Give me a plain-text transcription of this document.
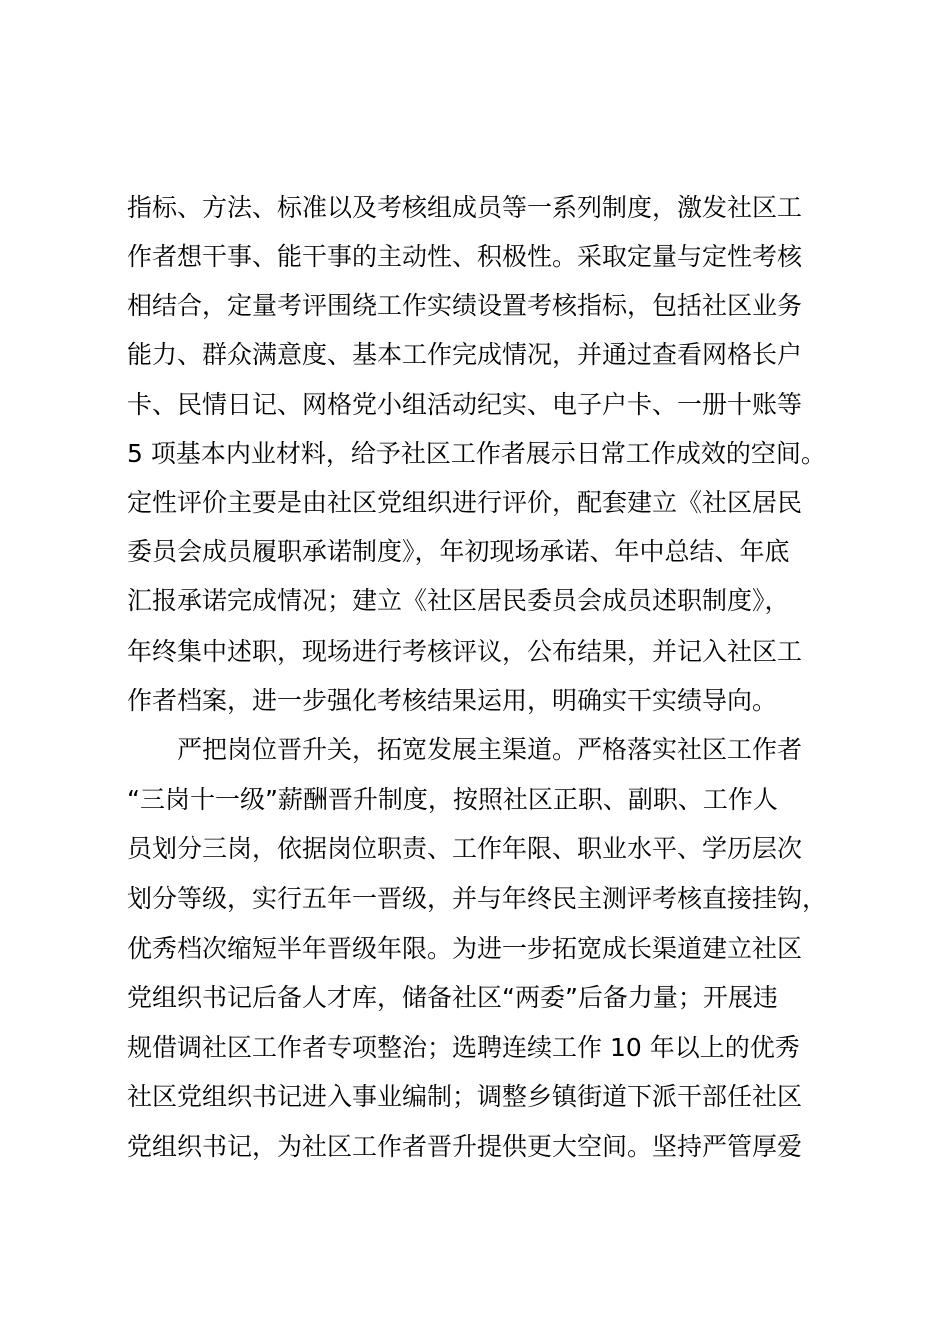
指标、方法、标准以及考核组成员等一系列制度，激发社区工
作者想干事、能干事的主动性、积极性。采取定量与定性考核
相结合，定量考评围绕工作实绩设置考核指标，包括社区业务
能力、群众满意度、基本工作完成情况，并通过查看网格长户
卡、民情日记、网格党小组活动纪实、电子户卡、一册十账等
5 项基本内业材料，给予社区工作者展示日常工作成效的空间。
定性评价主要是由社区党组织进行评价，配套建立《社区居民
委员会成员履职承诺制度》，年初现场承诺、年中总结、年底
汇报承诺完成情况；建立《社区居民委员会成员述职制度》，
年终集中述职，现场进行考核评议，公布结果，并记入社区工
作者档案，进一步强化考核结果运用，明确实干实绩导向。
严把岗位晋升关，拓宽发展主渠道。严格落实社区工作者
“三岗十一级”薪酬晋升制度，按照社区正职、副职、工作人
员划分三岗，依据岗位职责、工作年限、职业水平、学历层次
划分等级，实行五年一晋级，并与年终民主测评考核直接挂钩，
优秀档次缩短半年晋级年限。为进一步拓宽成长渠道建立社区
党组织书记后备人才库，储备社区“两委”后备力量；开展违
规借调社区工作者专项整治；选聘连续工作 10 年以上的优秀
社区党组织书记进入事业编制；调整乡镇街道下派干部任社区
党组织书记，为社区工作者晋升提供更大空间。坚持严管厚爱
